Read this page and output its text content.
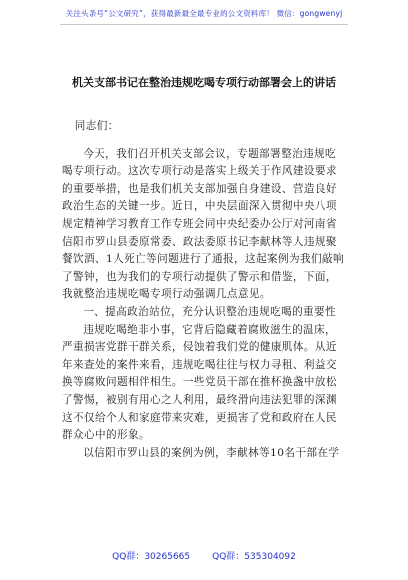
关注头条号“公文研究”，获得最新最全最专业的公文资料库！ 微信：gongwenyj
机关支部书记在整治违规吃喝专项行动部署会上的讲话

同志们：

今天，我们召开机关支部会议，专题部署整治违规吃喝专项行动。这次专项行动是落实上级关于作风建设要求的重要举措，也是我们机关支部加强自身建设、营造良好政治生态的关键一步。近日，中央层面深入贯彻中央八项规定精神学习教育工作专班会同中央纪委办公厅对河南省信阳市罗山县委原常委、政法委原书记李献林等人违规聚餐饮酒、1人死亡等问题进行了通报，这起案例为我们敲响了警钟，也为我们的专项行动提供了警示和借鉴，下面，我就整治违规吃喝专项行动强调几点意见。

一、提高政治站位，充分认识整治违规吃喝的重要性

违规吃喝绝非小事，它背后隐藏着腐败滋生的温床，严重损害党群干群关系，侵蚀着我们党的健康肌体。从近年来查处的案件来看，违规吃喝往往与权力寻租、利益交换等腐败问题相伴相生。一些党员干部在推杯换盏中放松了警惕，被别有用心之人利用，最终滑向违法犯罪的深渊这不仅给个人和家庭带来灾难，更损害了党和政府在人民群众心中的形象。

以信阳市罗山县的案例为例，李献林等10名干部在学

QQ群：30265665 QQ群：535304092
